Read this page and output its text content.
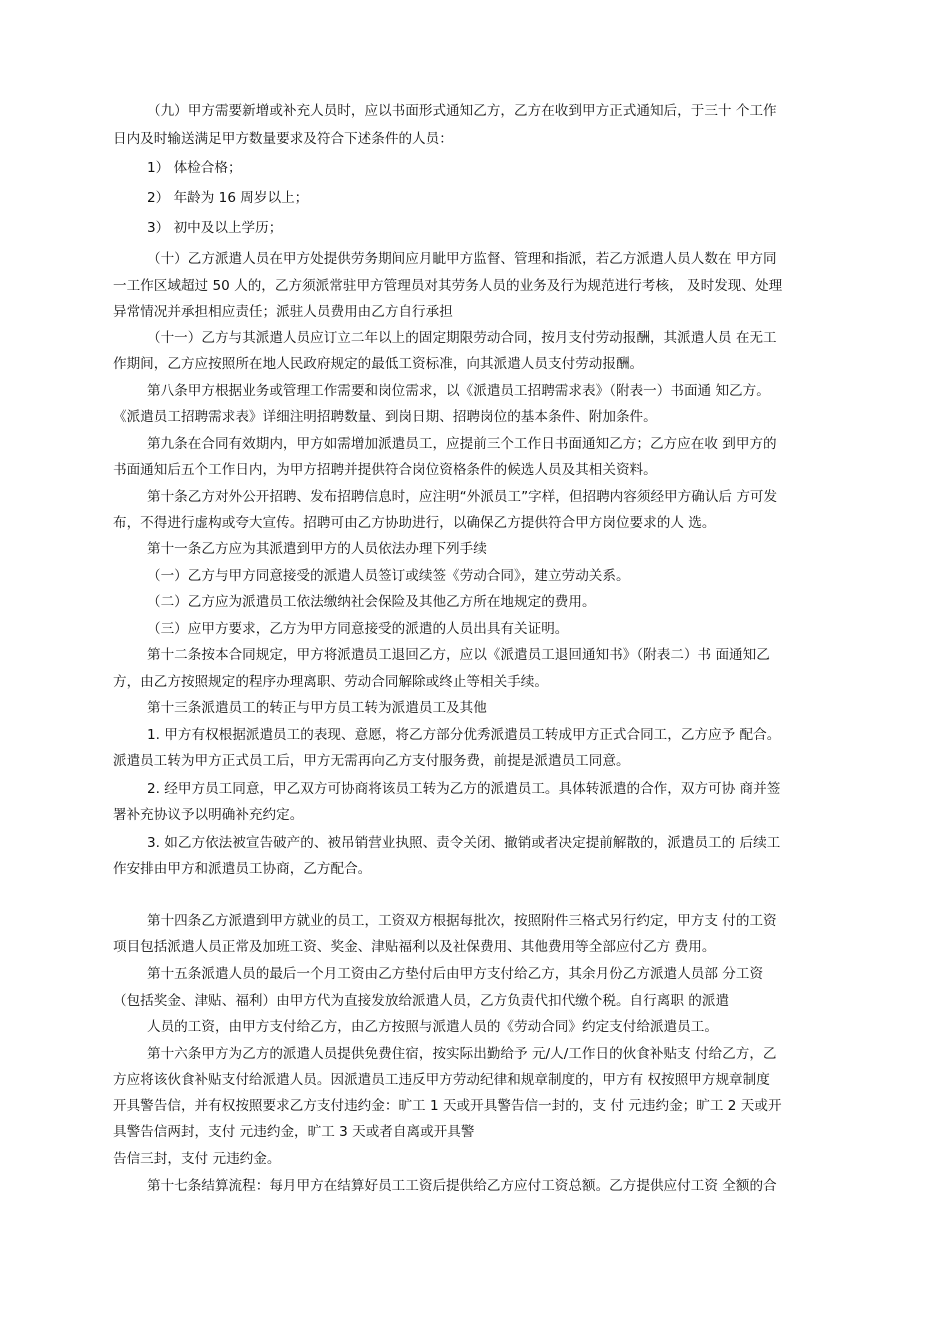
（九）甲方需要新增或补充人员时，应以书面形式通知乙方，乙方在收到甲方正式通知后，于三十 个工作
日内及时输送满足甲方数量要求及符合下述条件的人员：
1） 体检合格；
2） 年龄为 16 周岁以上；
3） 初中及以上学历；
（十）乙方派遣人员在甲方处提供劳务期间应月眦甲方监督、管理和指派，若乙方派遣人员人数在 甲方同
一工作区域超过 50 人的，乙方须派常驻甲方管理员对其劳务人员的业务及行为规范进行考核， 及时发现、处理
异常情况并承担相应责任；派驻人员费用由乙方自行承担
（十一）乙方与其派遣人员应订立二年以上的固定期限劳动合同，按月支付劳动报酬，其派遣人员 在无工
作期间，乙方应按照所在地人民政府规定的最低工资标准，向其派遣人员支付劳动报酬。
第八条甲方根据业务或管理工作需要和岗位需求，以《派遣员工招聘需求表》（附表一）书面通 知乙方。
《派遣员工招聘需求表》详细注明招聘数量、到岗日期、招聘岗位的基本条件、附加条件。
第九条在合同有效期内，甲方如需增加派遣员工，应提前三个工作日书面通知乙方；乙方应在收 到甲方的
书面通知后五个工作日内，为甲方招聘并提供符合岗位资格条件的候选人员及其相关资料。
第十条乙方对外公开招聘、发布招聘信息时，应注明“外派员工”字样，但招聘内容须经甲方确认后 方可发
布，不得进行虚构或夸大宣传。招聘可由乙方协助进行，以确保乙方提供符合甲方岗位要求的人 选。
第十一条乙方应为其派遣到甲方的人员依法办理下列手续
（一）乙方与甲方同意接受的派遣人员签订或续签《劳动合同》，建立劳动关系。
（二）乙方应为派遣员工依法缴纳社会保险及其他乙方所在地规定的费用。
（三）应甲方要求，乙方为甲方同意接受的派遣的人员出具有关证明。
第十二条按本合同规定，甲方将派遣员工退回乙方，应以《派遣员工退回通知书》（附表二）书 面通知乙
方，由乙方按照规定的程序办理离职、劳动合同解除或终止等相关手续。
第十三条派遣员工的转正与甲方员工转为派遣员工及其他
1. 甲方有权根据派遣员工的表现、意愿，将乙方部分优秀派遣员工转成甲方正式合同工，乙方应予 配合。
派遣员工转为甲方正式员工后，甲方无需再向乙方支付服务费，前提是派遣员工同意。
2. 经甲方员工同意，甲乙双方可协商将该员工转为乙方的派遣员工。具体转派遣的合作，双方可协 商并签
署补充协议予以明确补充约定。
3. 如乙方依法被宣告破产的、被吊销营业执照、责令关闭、撤销或者决定提前解散的，派遣员工的 后续工
作安排由甲方和派遣员工协商，乙方配合。
第十四条乙方派遣到甲方就业的员工，工资双方根据每批次，按照附件三格式另行约定，甲方支 付的工资
项目包括派遣人员正常及加班工资、奖金、津贴福利以及社保费用、其他费用等全部应付乙方 费用。
第十五条派遣人员的最后一个月工资由乙方垫付后由甲方支付给乙方，其余月份乙方派遣人员部 分工资
（包括奖金、津贴、福利）由甲方代为直接发放给派遣人员，乙方负责代扣代缴个税。自行离职 的派遣
人员的工资，由甲方支付给乙方，由乙方按照与派遣人员的《劳动合同》约定支付给派遣员工。
第十六条甲方为乙方的派遣人员提供免费住宿，按实际出勤给予 元/人/工作日的伙食补贴支 付给乙方，乙
方应将该伙食补贴支付给派遣人员。因派遣员工违反甲方劳动纪律和规章制度的，甲方有 权按照甲方规章制度
开具警告信，并有权按照要求乙方支付违约金：旷工 1 天或开具警告信一封的，支 付 元违约金；旷工 2 天或开
具警告信两封，支付 元违约金，旷工 3 天或者自离或开具警
告信三封，支付 元违约金。
第十七条结算流程：每月甲方在结算好员工工资后提供给乙方应付工资总额。乙方提供应付工资 全额的合
